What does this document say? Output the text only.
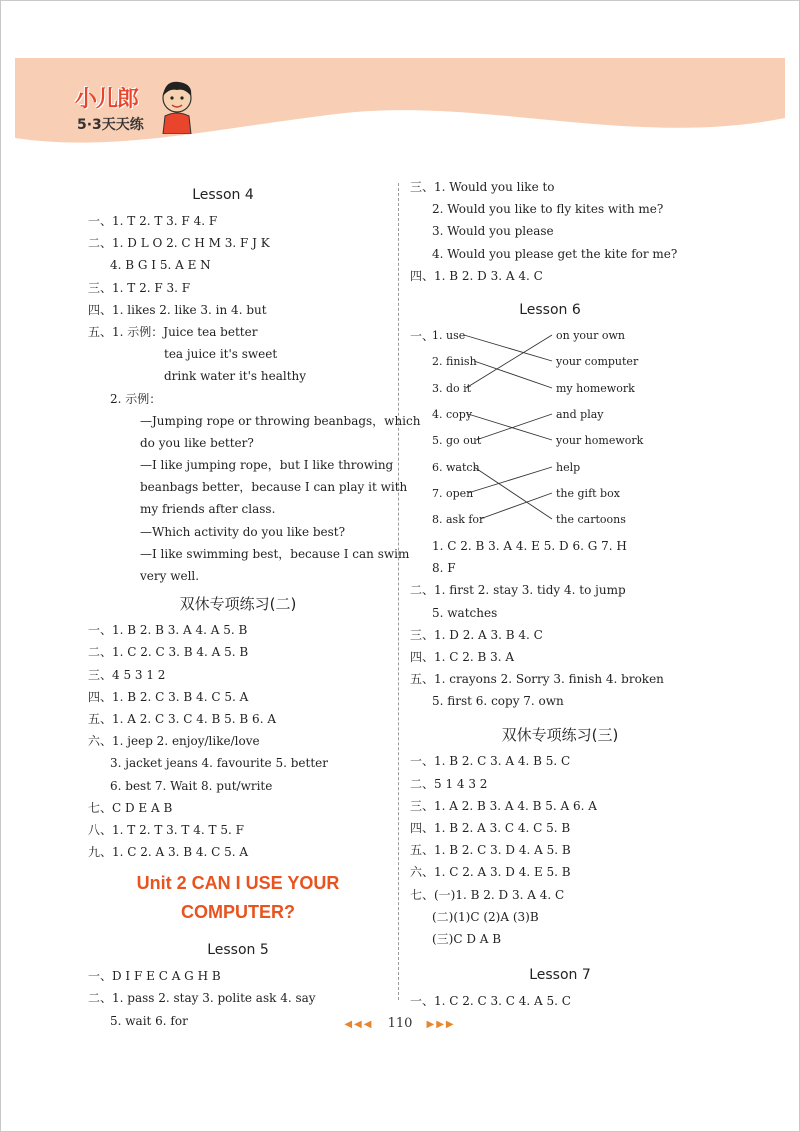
小儿郎
5·3天天练
Lesson 4
一、1. T 2. T 3. F 4. F
二、1. D L O 2. C H M 3. F J K
4. B G I 5. A E N
三、1. T 2. F 3. F
四、1. likes 2. like 3. in 4. but
五、1. 示例：Juice tea better
tea juice it's sweet
drink water it's healthy
2. 示例：
—Jumping rope or throwing beanbags，which
do you like better?
—I like jumping rope，but I like throwing
beanbags better，because I can play it with
my friends after class.
—Which activity do you like best?
—I like swimming best，because I can swim
very well.
双休专项练习(二)
一、1. B 2. B 3. A 4. A 5. B
二、1. C 2. C 3. B 4. A 5. B
三、4 5 3 1 2
四、1. B 2. C 3. B 4. C 5. A
五、1. A 2. C 3. C 4. B 5. B 6. A
六、1. jeep 2. enjoy/like/love
3. jacket jeans 4. favourite 5. better
6. best 7. Wait 8. put/write
七、C D E A B
八、1. T 2. T 3. T 4. T 5. F
九、1. C 2. A 3. B 4. C 5. A
Unit 2 CAN I USE YOUR
COMPUTER?
Lesson 5
一、D I F E C A G H B
二、1. pass 2. stay 3. polite ask 4. say
5. wait 6. for
三、1. Would you like to
2. Would you like to fly kites with me?
3. Would you please
4. Would you please get the kite for me?
四、1. B 2. D 3. A 4. C
Lesson 6
一、
1. use
2. finish
3. do it
4. copy
5. go out
6. watch
7. open
8. ask for
on your own
your computer
my homework
and play
your homework
help
the gift box
the cartoons
1. C 2. B 3. A 4. E 5. D 6. G 7. H
8. F
二、1. first 2. stay 3. tidy 4. to jump
5. watches
三、1. D 2. A 3. B 4. C
四、1. C 2. B 3. A
五、1. crayons 2. Sorry 3. finish 4. broken
5. first 6. copy 7. own
双休专项练习(三)
一、1. B 2. C 3. A 4. B 5. C
二、5 1 4 3 2
三、1. A 2. B 3. A 4. B 5. A 6. A
四、1. B 2. A 3. C 4. C 5. B
五、1. B 2. C 3. D 4. A 5. B
六、1. C 2. A 3. D 4. E 5. B
七、(一)1. B 2. D 3. A 4. C
(二)(1)C (2)A (3)B
(三)C D A B
Lesson 7
一、1. C 2. C 3. C 4. A 5. C
◀◀◀ 110 ▶▶▶
